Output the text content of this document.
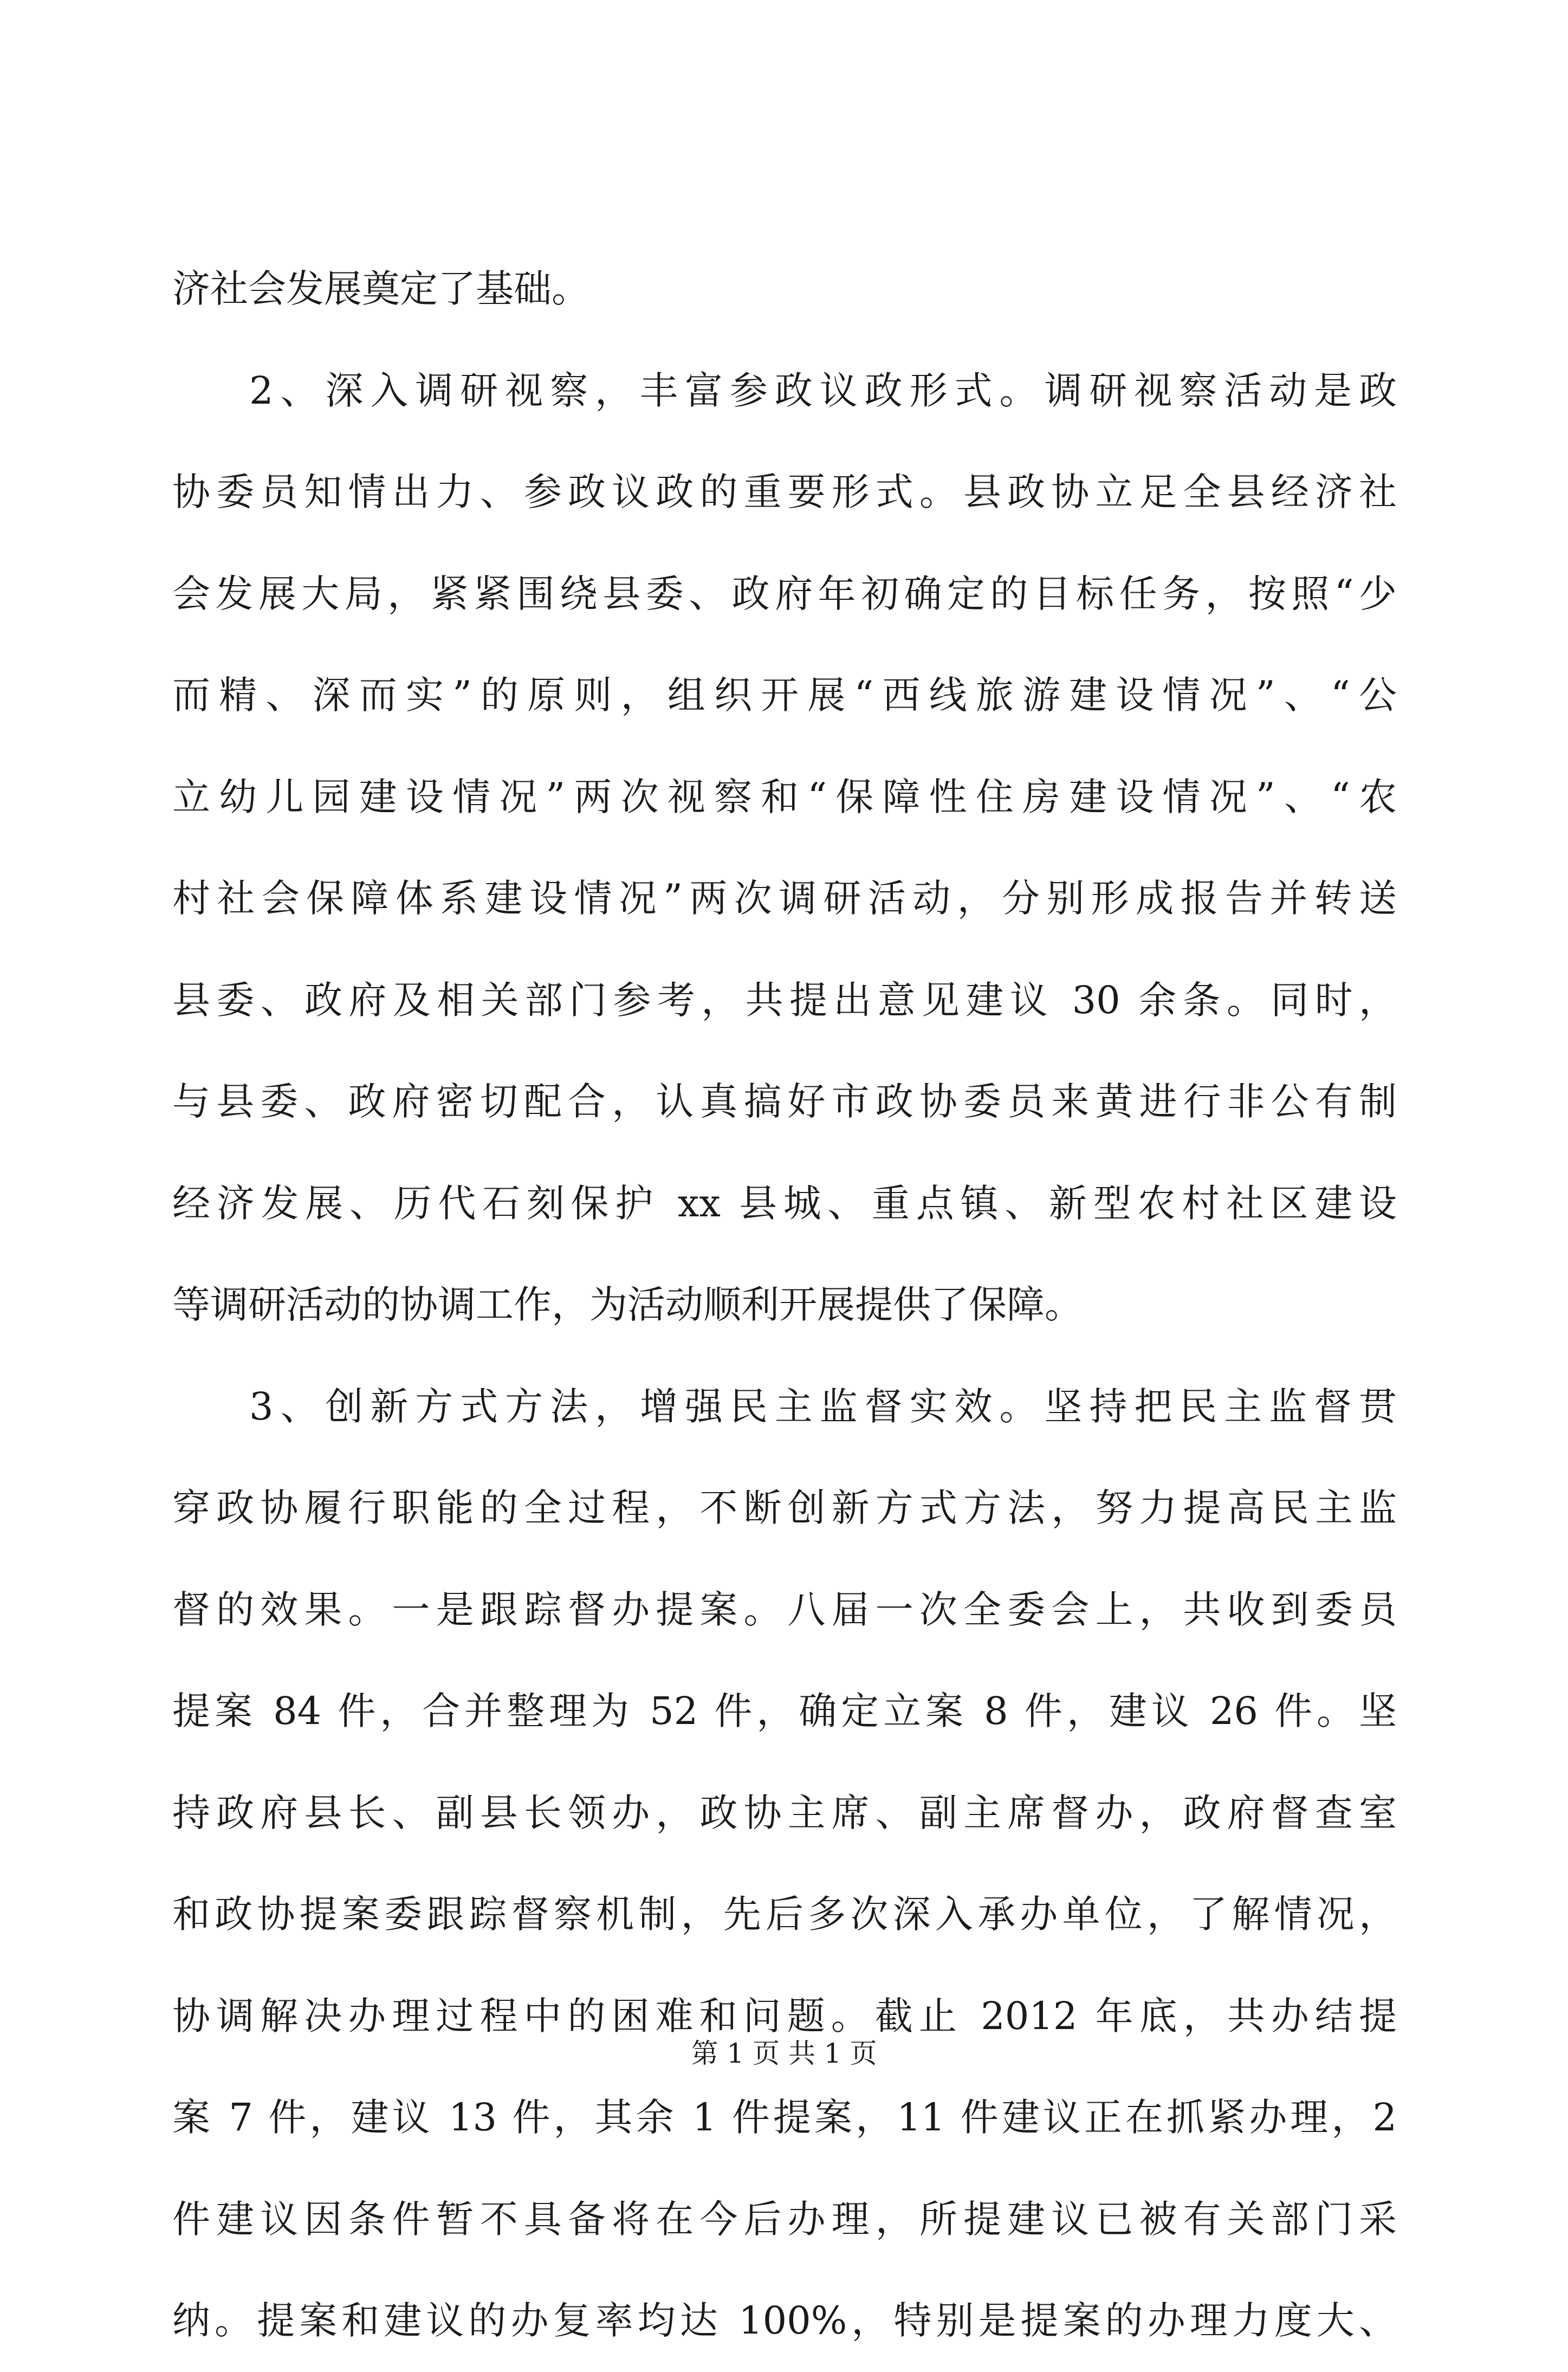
济社会发展奠定了基础。
2、深入调研视察，丰富参政议政形式。调研视察活动是政
协委员知情出力、参政议政的重要形式。县政协立足全县经济社
会发展大局，紧紧围绕县委、政府年初确定的目标任务，按照“少
而精、深而实”的原则，组织开展“西线旅游建设情况”、“公
立幼儿园建设情况”两次视察和“保障性住房建设情况”、“农
村社会保障体系建设情况”两次调研活动，分别形成报告并转送
县委、政府及相关部门参考，共提出意见建议 30 余条。同时，
与县委、政府密切配合，认真搞好市政协委员来黄进行非公有制
经济发展、历代石刻保护 xx 县城、重点镇、新型农村社区建设
等调研活动的协调工作，为活动顺利开展提供了保障。
3、创新方式方法，增强民主监督实效。坚持把民主监督贯
穿政协履行职能的全过程，不断创新方式方法，努力提高民主监
督的效果。一是跟踪督办提案。八届一次全委会上，共收到委员
提案 84 件，合并整理为 52 件，确定立案 8 件，建议 26 件。坚
持政府县长、副县长领办，政协主席、副主席督办，政府督查室
和政协提案委跟踪督察机制，先后多次深入承办单位，了解情况，
协调解决办理过程中的困难和问题。截止 2012 年底，共办结提
案 7 件，建议 13 件，其余 1 件提案，11 件建议正在抓紧办理，2
件建议因条件暂不具备将在今后办理，所提建议已被有关部门采
纳。提案和建议的办复率均达 100%，特别是提案的办理力度大、
第 1 页 共 1 页
